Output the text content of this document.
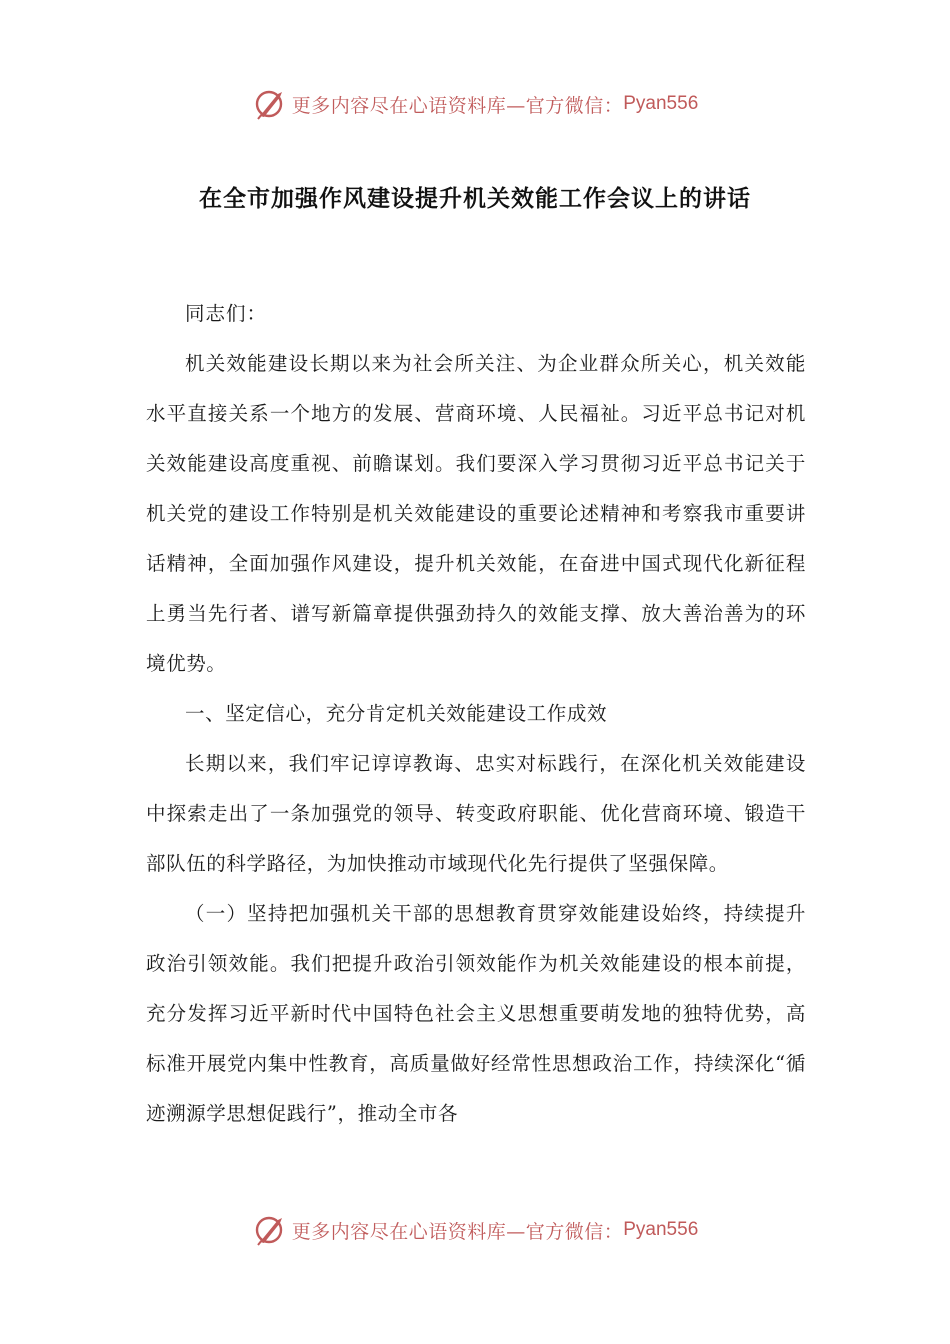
更多内容尽在心语资料库—官方微信： Pyan556
在全市加强作风建设提升机关效能工作会议上的讲话

同志们：

机关效能建设长期以来为社会所关注、为企业群众所关心，机关效能水平直接关系一个地方的发展、营商环境、人民福祉。习近平总书记对机关效能建设高度重视、前瞻谋划。我们要深入学习贯彻习近平总书记关于机关党的建设工作特别是机关效能建设的重要论述精神和考察我市重要讲话精神，全面加强作风建设，提升机关效能，在奋进中国式现代化新征程上勇当先行者、谱写新篇章提供强劲持久的效能支撑、放大善治善为的环境优势。

一、坚定信心，充分肯定机关效能建设工作成效

长期以来，我们牢记谆谆教诲、忠实对标践行，在深化机关效能建设中探索走出了一条加强党的领导、转变政府职能、优化营商环境、锻造干部队伍的科学路径，为加快推动市域现代化先行提供了坚强保障。

（一）坚持把加强机关干部的思想教育贯穿效能建设始终，持续提升政治引领效能。我们把提升政治引领效能作为机关效能建设的根本前提，充分发挥习近平新时代中国特色社会主义思想重要萌发地的独特优势，高标准开展党内集中性教育，高质量做好经常性思想政治工作，持续深化“循迹溯源学思想促践行”，推动全市各

更多内容尽在心语资料库—官方微信： Pyan556
